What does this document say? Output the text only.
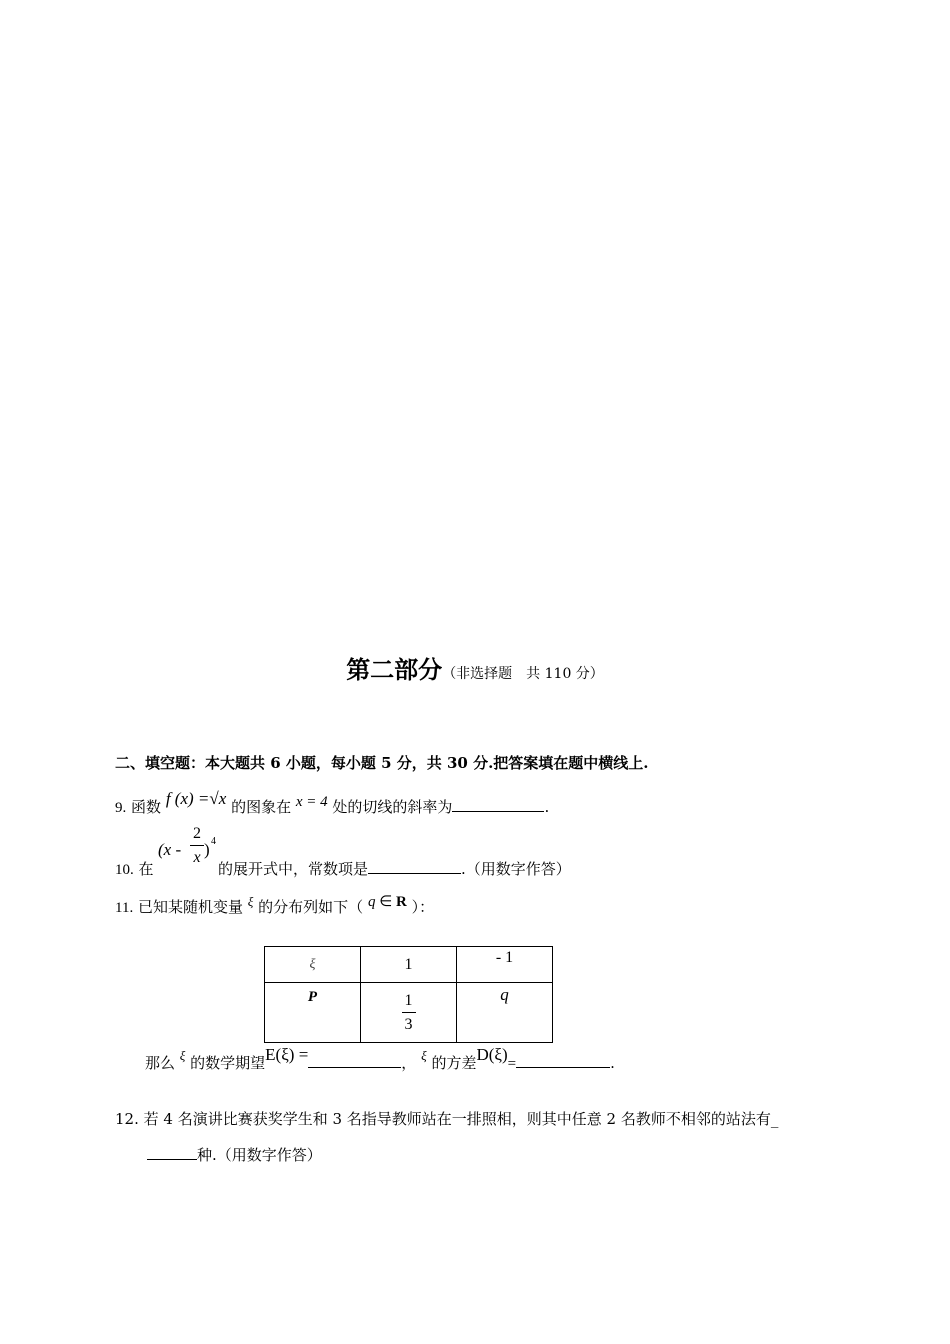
第二部分（非选择题　共 110 分）
二、填空题：本大题共 6 小题，每小题 5 分，共 30 分.把答案填在题中横线上.
9. 函数 f (x) =√x 的图象在 x = 4 处的切线的斜率为	.
10. 在
($x - \frac{2}{x}$ ) 4
的展开式中，常数项是	.（用数字作答）
11. 已知某随机变量 ξ 的分布列如下（ q ∈ R ）：
ξ	1	- 1
P	$\frac{1}{3}$	q
那么 ξ 的数学期望E(ξ) =	， ξ 的方差D(ξ)=	.
12. 若 4 名演讲比赛获奖学生和 3 名指导教师站在一排照相，则其中任意 2 名教师不相邻的站法有_
种.（用数字作答）
